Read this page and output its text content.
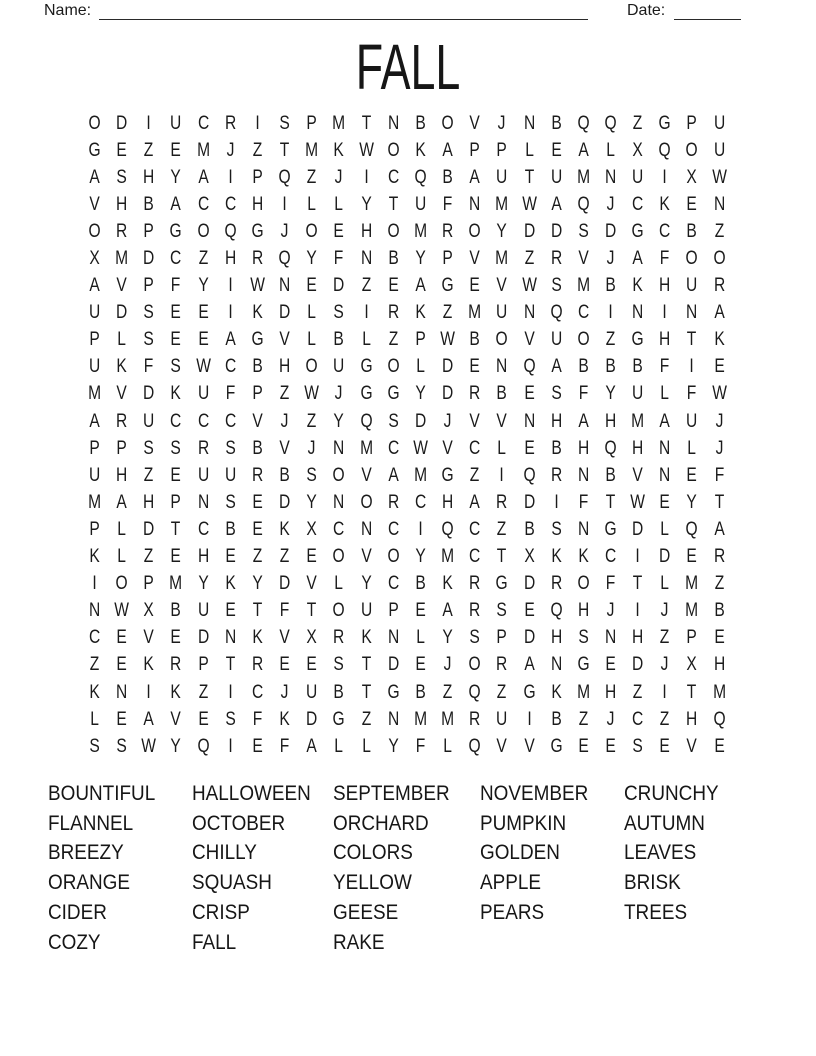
Name:	Date:
FALL
O D	I	U C R	I	S P M T N B O V J N B Q Q Z G P U
G E Z E M J Z T M K W O K A P P L E A L X Q O U
A S H Y A	I	P Q Z J	I	C Q B A U T U M N U	I	X W
V H B A C C H	I	L L Y T U F N M W A Q J C K E N
O R P G O Q G J O E H O M R O Y D D S D G C B Z
X M D C Z H R Q Y F N B Y P V M Z R V J A F O O
A V P F Y	I W N E D Z E A G E V W S M B K H U R
U D S E E	I	K D L S	I	R K Z M U N Q C	I	N	I	N A
P L S E E A G V L B L Z P W B O V U O Z G H T K
U K F S W C B H O U G O L D E N Q A B B B F	I	E
M V D K U F P Z W J G G Y D R B E S F Y U L F W
A R U C C C V J Z Y Q S D J V V N H A H M A U J
P P S S R S B V J N M C W V C L E B H Q H N L J
U H Z E U U R B S O V A M G Z	I Q R N B V N E F
M A H P N S E D Y N O R C H A R D	I	F T W E Y T
P L D T C B E K X C N C	I Q C Z B S N G D L Q A
K L Z E H E Z Z E O V O Y M C T X K K C	I	D E R
I O P M Y K Y D V L Y C B K R G D R O F T L M Z
N W X B U E T F T O U P E A R S E Q H J	I	J M B
C E V E D N K V X R K N L Y S P D H S N H Z P E
Z E K R P T R E E S T D E J O R A N G E D J X H
K N	I	K Z	I	C J U B T G B Z Q Z G K M H Z	I	T M
L E A V E S F K D G Z N M M R U	I	B Z J C Z H Q
S S W Y Q I	E F A L L Y F L Q V V G E E S E V E
BOUNTIFUL
FLANNEL
BREEZY
ORANGE
CIDER
COZY
HALLOWEEN
OCTOBER
CHILLY
SQUASH
CRISP
FALL
SEPTEMBER
ORCHARD
COLORS
YELLOW
GEESE
RAKE
NOVEMBER
PUMPKIN
GOLDEN
APPLE
PEARS
CRUNCHY
AUTUMN
LEAVES
BRISK
TREES
